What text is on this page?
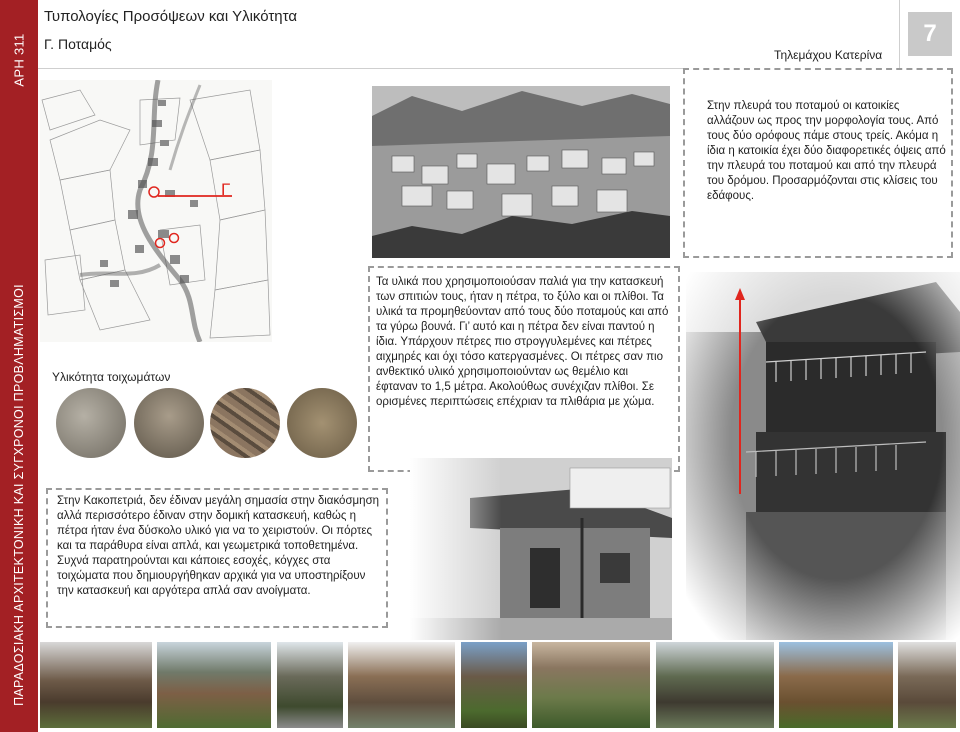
ΑΡΗ 311
ΠΑΡΑΔΟΣΙΑΚΗ ΑΡΧΙΤΕΚΤΟΝΙΚΗ ΚΑΙ ΣΥΓΧΡΟΝΟΙ ΠΡΟΒΛΗΜΑΤΙΣΜΟΙ
Τυπολογίες Προσόψεων και Υλικότητα
Γ. Ποταμός
Τηλεμάχου Κατερίνα
7
Γ
Στην πλευρά του ποταμού οι κατοικίες αλλάζουν ως προς την μορφολογία τους. Από τους δύο ορόφους πάμε στους τρείς. Ακόμα η ίδια η κατοικία έχει δύο διαφορετικές όψεις από την πλευρά του ποταμού και από την πλευρά του δρόμου. Προσαρμόζονται στις κλίσεις του εδάφους.
Τα υλικά που χρησιμοποιούσαν παλιά για την κατασκευή των σπιτιών τους, ήταν η πέτρα, το ξύλο και οι πλίθοι. Τα υλικά τα προμηθεύονταν από τους δύο ποταμούς και από τα γύρω βουνά. Γι’ αυτό και η πέτρα δεν είναι παντού η ίδια. Υπάρχουν πέτρες πιο στρογγυλεμένες και πέτρες αιχμηρές και όχι τόσο κατεργασμένες. Οι πέτρες σαν πιο ανθεκτικό υλικό χρησιμοποιούνταν ως θεμέλιο και έφταναν το 1,5 μέτρα. Ακολούθως συνέχιζαν πλίθοι. Σε ορισμένες περιπτώσεις επέχριαν τα πλιθάρια με χώμα.
Υλικότητα τοιχωμάτων
Στην Κακοπετριά, δεν έδιναν μεγάλη σημασία στην διακόσμηση αλλά περισσότερο έδιναν στην δομική κατασκευή, καθώς η πέτρα ήταν ένα δύσκολο υλικό για να το χειριστούν. Οι πόρτες και τα παράθυρα είναι απλά, και γεωμετρικά τοποθετημένα. Συχνά παρατηρούνται και κάποιες εσοχές, κόγχες στα τοιχώματα που δημιουργήθηκαν αρχικά για να υποστηρίξουν την κατασκευή και αργότερα απλά σαν ανοίγματα.
